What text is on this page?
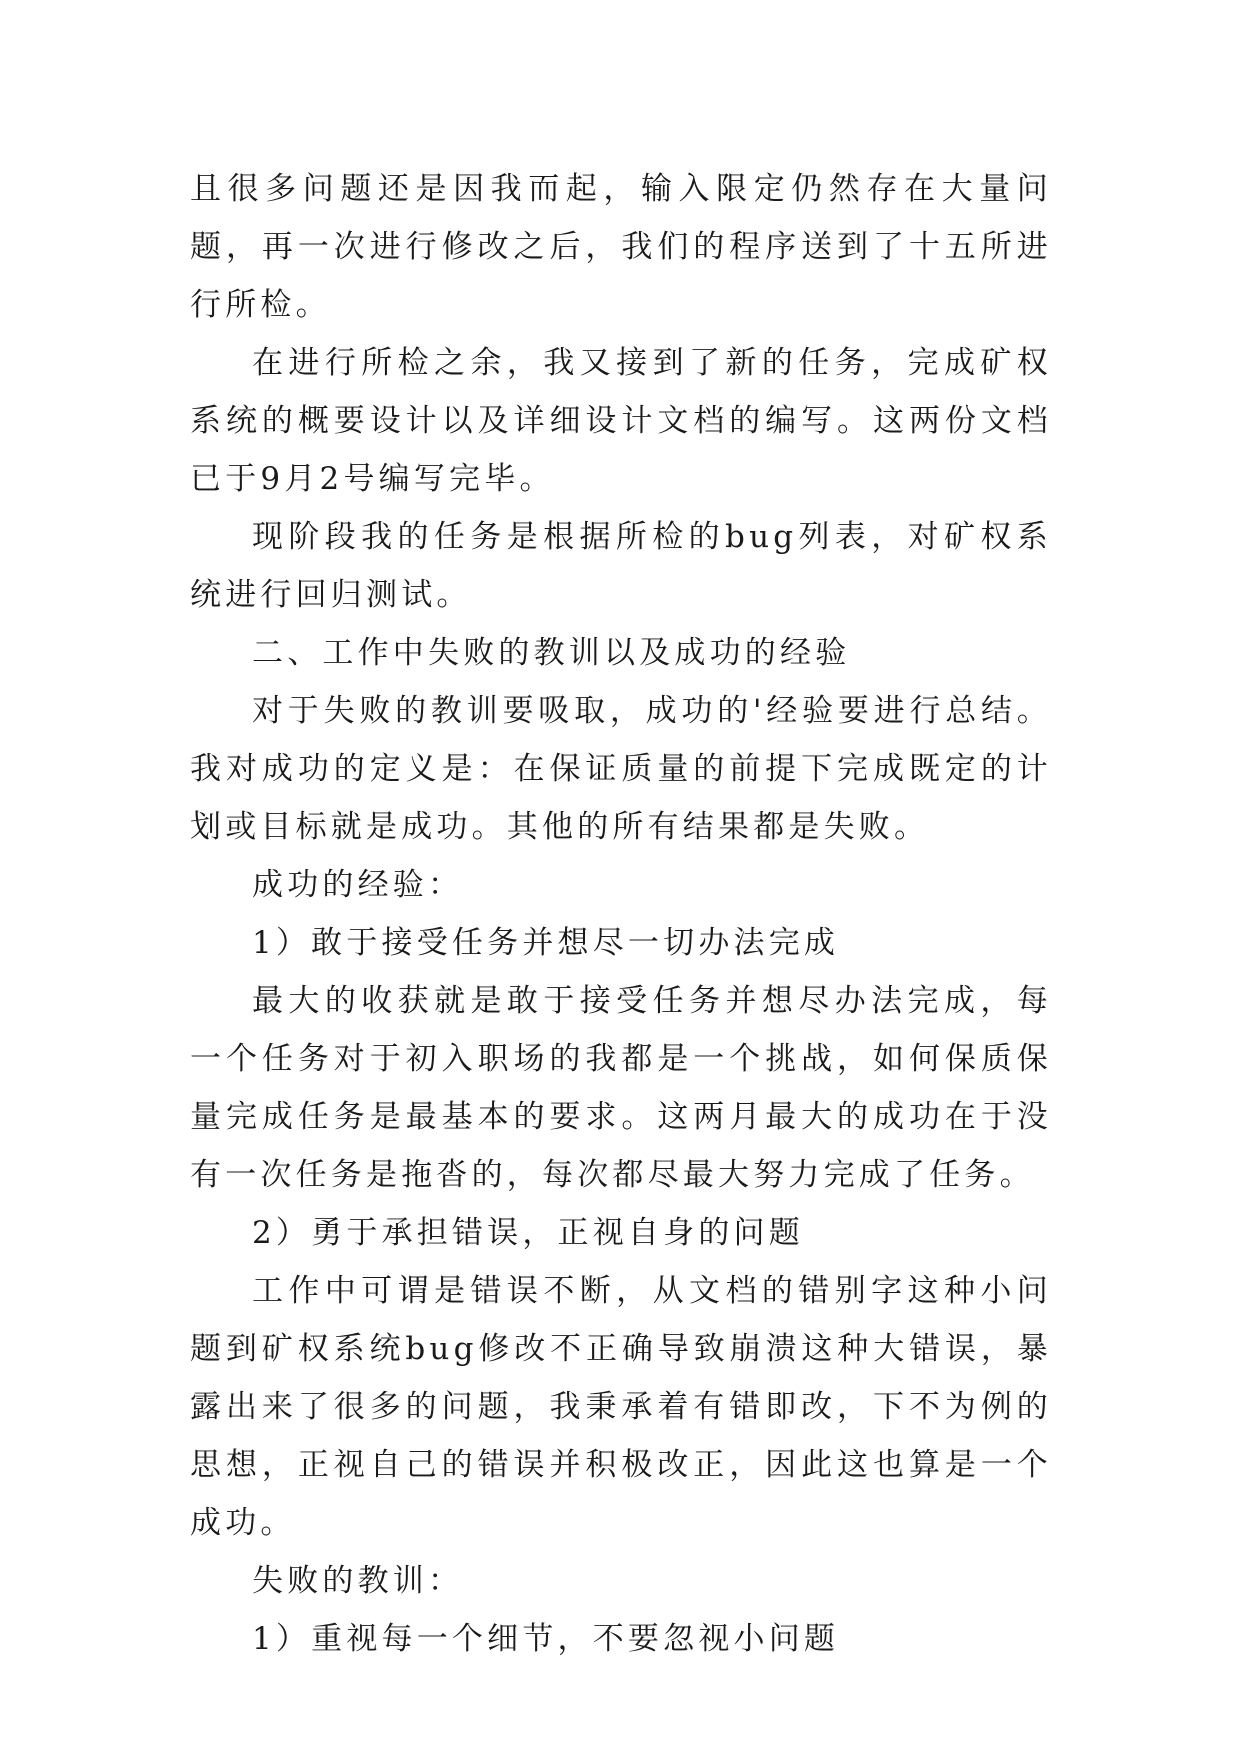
且很多问题还是因我而起，输入限定仍然存在大量问题，再一次进行修改之后，我们的程序送到了十五所进行所检。

在进行所检之余，我又接到了新的任务，完成矿权系统的概要设计以及详细设计文档的编写。这两份文档已于9月2号编写完毕。

现阶段我的任务是根据所检的bug列表，对矿权系统进行回归测试。

二、工作中失败的教训以及成功的经验

对于失败的教训要吸取，成功的'经验要进行总结。我对成功的定义是：在保证质量的前提下完成既定的计划或目标就是成功。其他的所有结果都是失败。

成功的经验：

1）敢于接受任务并想尽一切办法完成

最大的收获就是敢于接受任务并想尽办法完成，每一个任务对于初入职场的我都是一个挑战，如何保质保量完成任务是最基本的要求。这两月最大的成功在于没有一次任务是拖沓的，每次都尽最大努力完成了任务。

2）勇于承担错误，正视自身的问题

工作中可谓是错误不断，从文档的错别字这种小问题到矿权系统bug修改不正确导致崩溃这种大错误，暴露出来了很多的问题，我秉承着有错即改，下不为例的思想，正视自己的错误并积极改正，因此这也算是一个成功。

失败的教训：

1）重视每一个细节，不要忽视小问题
